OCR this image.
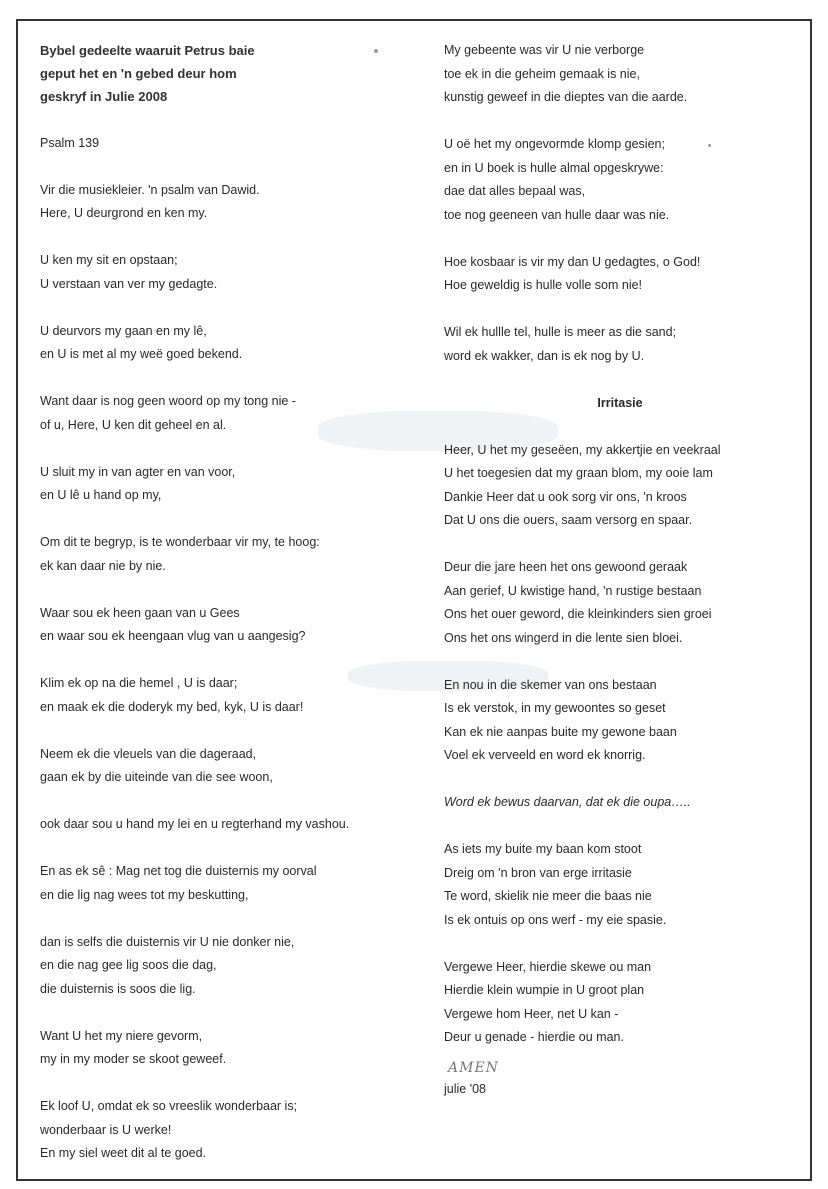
Bybel gedeelte waaruit Petrus baie
geput het en 'n gebed deur hom
geskryf in Julie 2008
Psalm 139
Vir die musiekleier. 'n psalm van Dawid.
Here, U deurgrond en ken my.
U ken my sit en opstaan;
U verstaan van ver my gedagte.
U deurvors my gaan en my lê,
en U is met al my weë goed bekend.
Want daar is nog geen woord op my tong nie -
of u, Here, U ken dit geheel en al.
U sluit my in van agter en van voor,
en U lê u hand op my,
Om dit te begryp, is te wonderbaar vir my, te hoog:
ek kan daar nie by nie.
Waar sou ek heen gaan van u Gees
en waar sou ek heengaan vlug van u aangesig?
Klim ek op na die hemel , U is daar;
en maak ek die doderyk my bed, kyk, U is daar!
Neem ek die vleuels van die dageraad,
gaan ek by die uiteinde van die see woon,
ook daar sou u hand my lei en u regterhand my vashou.
En as ek sê : Mag net tog die duisternis my oorval
en die lig nag wees tot my beskutting,
dan is selfs die duisternis vir U nie donker nie,
en die nag gee lig soos die dag,
die duisternis is soos die lig.
Want U het my niere gevorm,
my in my moder se skoot geweef.
Ek loof U, omdat ek so vreeslik wonderbaar is;
wonderbaar is U werke!
En my siel weet dit al te goed.
My gebeente was vir U nie verborge
toe ek in die geheim gemaak is nie,
kunstig geweef in die dieptes van die aarde.
U oë het my ongevormde klomp gesien;
en in U boek is hulle almal opgeskrywe:
dae dat alles bepaal was,
toe nog geeneen van hulle daar was nie.
Hoe kosbaar is vir my dan U gedagtes, o God!
Hoe geweldig is hulle volle som nie!
Wil ek hullle tel, hulle is meer as die sand;
word ek wakker, dan is ek nog by U.
Irritasie
Heer, U het my geseëen, my akkertjie en veekraal
U het toegesien dat my graan blom, my ooie lam
Dankie Heer dat u ook sorg vir ons, 'n kroos
Dat U ons die ouers, saam versorg en spaar.
Deur die jare heen het ons gewoond geraak
Aan gerief, U kwistige hand, 'n rustige bestaan
Ons het ouer geword, die kleinkinders sien groei
Ons het ons wingerd in die lente sien bloei.
En nou in die skemer van ons bestaan
Is ek verstok, in my gewoontes so geset
Kan ek nie aanpas buite my gewone baan
Voel ek verveeld en word ek knorrig.
Word ek bewus daarvan, dat ek die oupa…..
As iets my buite my baan kom stoot
Dreig om 'n bron van erge irritasie
Te word, skielik nie meer die baas nie
Is ek ontuis op ons werf - my eie spasie.
Vergewe Heer, hierdie skewe ou man
Hierdie klein wumpie in U groot plan
Vergewe hom Heer, net U kan -
Deur u genade - hierdie ou man.
AMEN
julie '08
